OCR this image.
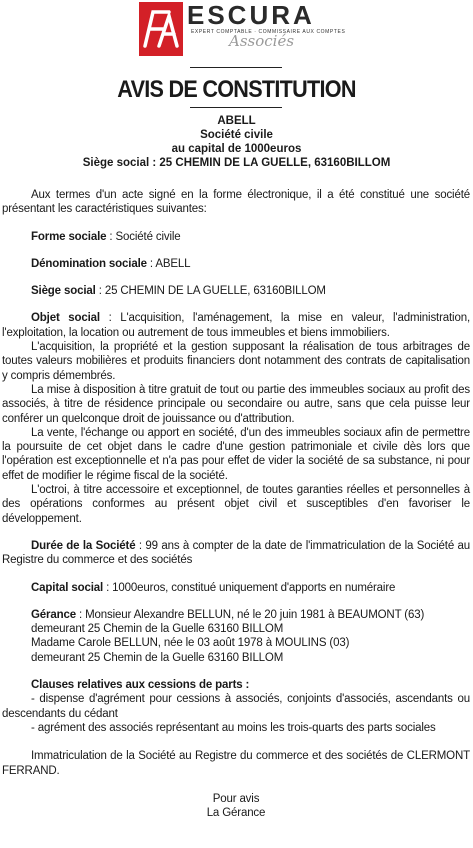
ESCURA
EXPERT COMPTABLE · COMMISSAIRE AUX COMPTES
Associés
AVIS DE CONSTITUTION
ABELL
Société civile
au capital de 1000euros
Siège social : 25 CHEMIN DE LA GUELLE, 63160BILLOM

Aux termes d'un acte signé en la forme électronique, il a été constitué une société présentant les caractéristiques suivantes:

Forme sociale : Société civile

Dénomination sociale : ABELL

Siège social : 25 CHEMIN DE LA GUELLE, 63160BILLOM

Objet social : L'acquisition, l'aménagement, la mise en valeur, l'administration, l'exploitation, la location ou autrement de tous immeubles et biens immobiliers.

L'acquisition, la propriété et la gestion supposant la réalisation de tous arbitrages de toutes valeurs mobilières et produits financiers dont notamment des contrats de capitalisation y compris démembrés.

La mise à disposition à titre gratuit de tout ou partie des immeubles sociaux au profit des associés, à titre de résidence principale ou secondaire ou autre, sans que cela puisse leur conférer un quelconque droit de jouissance ou d'attribution.

La vente, l'échange ou apport en société, d'un des immeubles sociaux afin de permettre la poursuite de cet objet dans le cadre d'une gestion patrimoniale et civile dès lors que l'opération est exceptionnelle et n'a pas pour effet de vider la société de sa substance, ni pour effet de modifier le régime fiscal de la société.

L'octroi, à titre accessoire et exceptionnel, de toutes garanties réelles et personnelles à des opérations conformes au présent objet civil et susceptibles d'en favoriser le développement.

Durée de la Société : 99 ans à compter de la date de l'immatriculation de la Société au Registre du commerce et des sociétés

Capital social : 1000euros, constitué uniquement d'apports en numéraire

Gérance : Monsieur Alexandre BELLUN, né le 20 juin 1981 à BEAUMONT (63)

demeurant 25 Chemin de la Guelle 63160 BILLOM

Madame Carole BELLUN, née le 03 août 1978 à MOULINS (03)

demeurant 25 Chemin de la Guelle 63160 BILLOM

Clauses relatives aux cessions de parts :

- dispense d'agrément pour cessions à associés, conjoints d'associés, ascendants ou descendants du cédant

- agrément des associés représentant au moins les trois-quarts des parts sociales

Immatriculation de la Société au Registre du commerce et des sociétés de CLERMONT FERRAND.

Pour avis

La Gérance
